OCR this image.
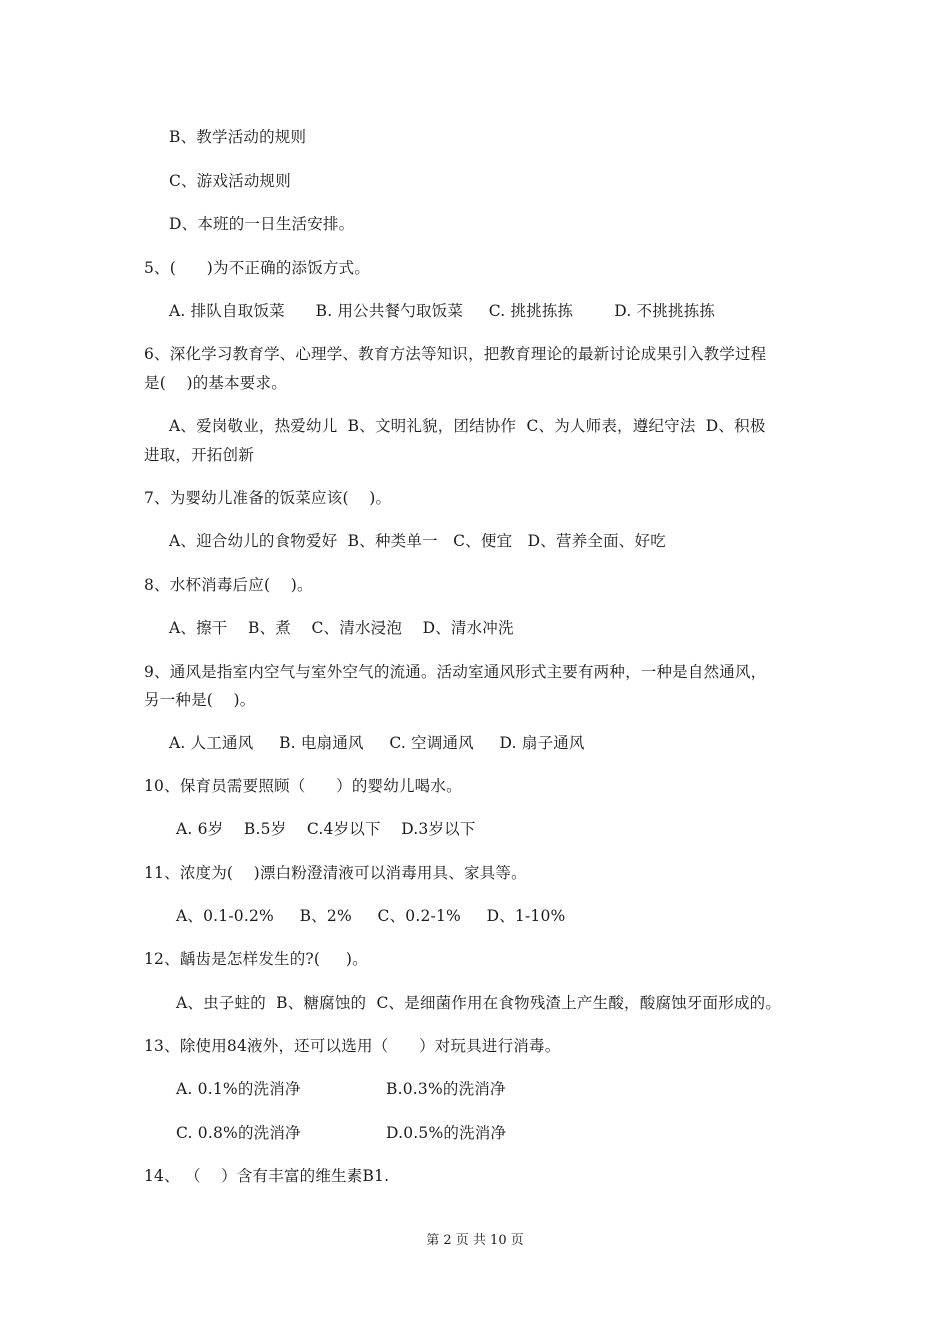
B、教学活动的规则
C、游戏活动规则
D、本班的一日生活安排。
5、(      )为不正确的添饭方式。
A. 排队自取饭菜      B. 用公共餐勺取饭菜     C. 挑挑拣拣        D. 不挑挑拣拣
6、深化学习教育学、心理学、教育方法等知识，把教育理论的最新讨论成果引入教学过程
是(    )的基本要求。
A、爱岗敬业，热爱幼儿  B、文明礼貌，团结协作  C、为人师表，遵纪守法  D、积极
进取，开拓创新
7、为婴幼儿准备的饭菜应该(    )。
A、迎合幼儿的食物爱好  B、种类单一   C、便宜   D、营养全面、好吃
8、水杯消毒后应(    )。
A、擦干    B、煮    C、清水浸泡    D、清水冲洗
9、通风是指室内空气与室外空气的流通。活动室通风形式主要有两种，一种是自然通风，
另一种是(    )。
A. 人工通风     B. 电扇通风     C. 空调通风     D. 扇子通风
10、保育员需要照顾（      ）的婴幼儿喝水。
A. 6岁    B.5岁    C.4岁以下    D.3岁以下
11、浓度为(    )漂白粉澄清液可以消毒用具、家具等。
A、0.1-0.2%     B、2%     C、0.2-1%     D、1-10%
12、龋齿是怎样发生的?(     )。
A、虫子蛀的  B、糖腐蚀的  C、是细菌作用在食物残渣上产生酸，酸腐蚀牙面形成的。
13、除使用84液外，还可以选用（      ）对玩具进行消毒。
A. 0.1%的洗消净	B.0.3%的洗消净
C. 0.8%的洗消净	D.0.5%的洗消净
14、 （    ）含有丰富的维生素B1.
第 2 页 共 10 页
